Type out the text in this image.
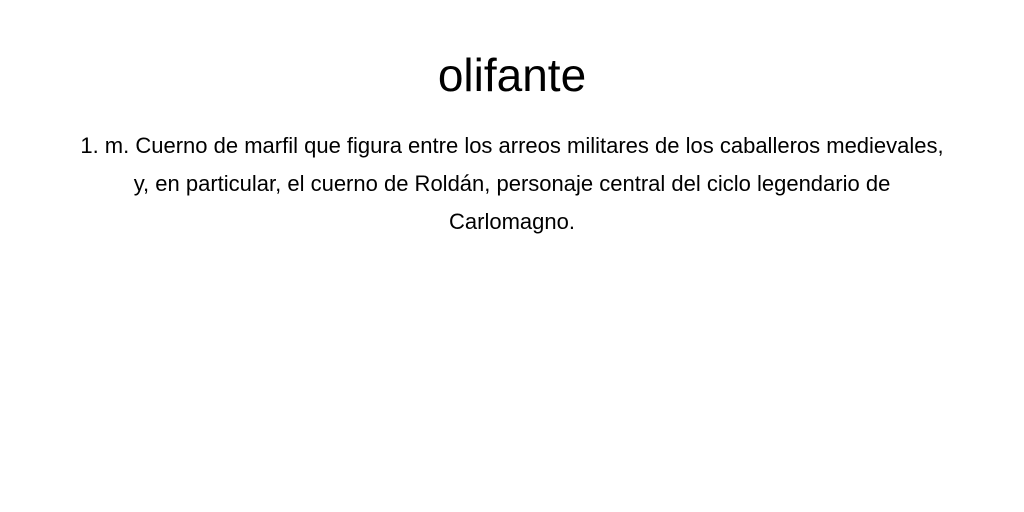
olifante

1. m. Cuerno de marfil que figura entre los arreos militares de los caballeros medievales, y, en particular, el cuerno de Roldán, personaje central del ciclo legendario de Carlomagno.
